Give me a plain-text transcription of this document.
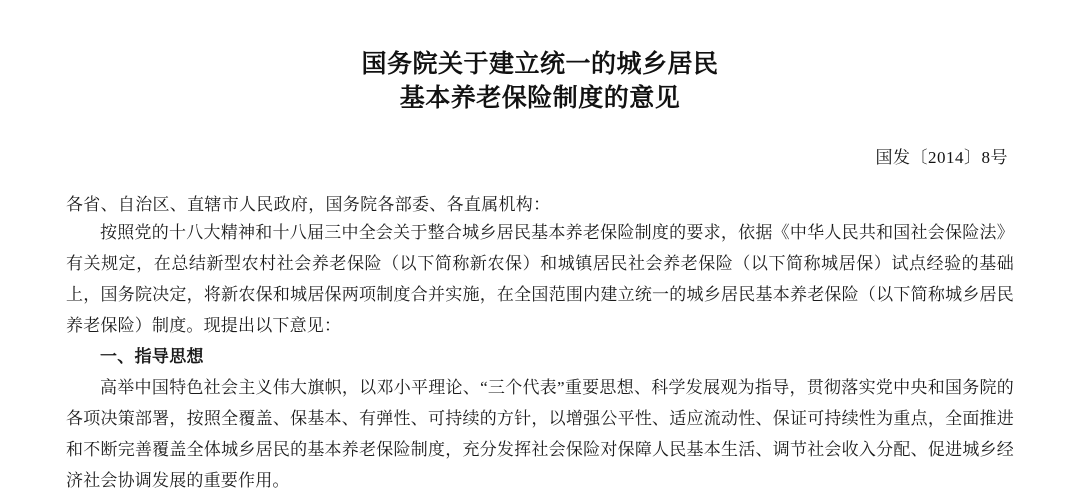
国务院关于建立统一的城乡居民
基本养老保险制度的意见
国发〔2014〕8号
各省、自治区、直辖市人民政府，国务院各部委、各直属机构：

按照党的十八大精神和十八届三中全会关于整合城乡居民基本养老保险制度的要求，依据《中华人民共和国社会保险法》有关规定，在总结新型农村社会养老保险（以下简称新农保）和城镇居民社会养老保险（以下简称城居保）试点经验的基础上，国务院决定，将新农保和城居保两项制度合并实施，在全国范围内建立统一的城乡居民基本养老保险（以下简称城乡居民养老保险）制度。现提出以下意见：

一、指导思想

高举中国特色社会主义伟大旗帜，以邓小平理论、“三个代表”重要思想、科学发展观为指导，贯彻落实党中央和国务院的各项决策部署，按照全覆盖、保基本、有弹性、可持续的方针，以增强公平性、适应流动性、保证可持续性为重点，全面推进和不断完善覆盖全体城乡居民的基本养老保险制度，充分发挥社会保险对保障人民基本生活、调节社会收入分配、促进城乡经济社会协调发展的重要作用。
